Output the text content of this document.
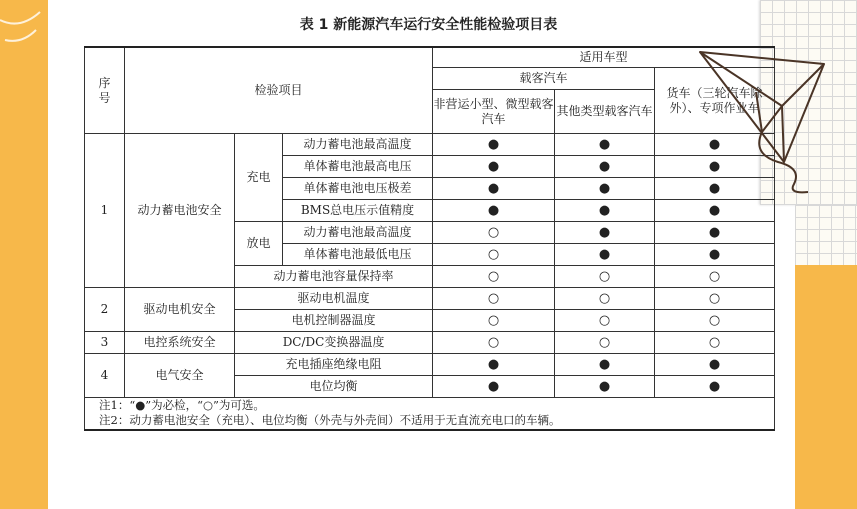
表 1 新能源汽车运行安全性能检验项目表
序
号	检验项目			适用车型		
				载客汽车		货车（三轮汽车除外）、专项作业车
				非营运小型、微型载客汽车	其他类型载客汽车	
1	动力蓄电池安全	充电	动力蓄电池最高温度	●	●	●
			单体蓄电池最高电压	●	●	●
			单体蓄电池电压极差	●	●	●
			BMS总电压示值精度	●	●	●
		放电	动力蓄电池最高温度	○	●	●
			单体蓄电池最低电压	○	●	●
		动力蓄电池容量保持率		○	○	○
2	驱动电机安全	驱动电机温度		○	○	○
		电机控制器温度		○	○	○
3	电控系统安全	DC/DC变换器温度		○	○	○
4	电气安全	充电插座绝缘电阻		●	●	●
		电位均衡		●	●	●

注1：“●”为必检，“○”为可选。
注2：动力蓄电池安全（充电）、电位均衡（外壳与外壳间）不适用于无直流充电口的车辆。						
